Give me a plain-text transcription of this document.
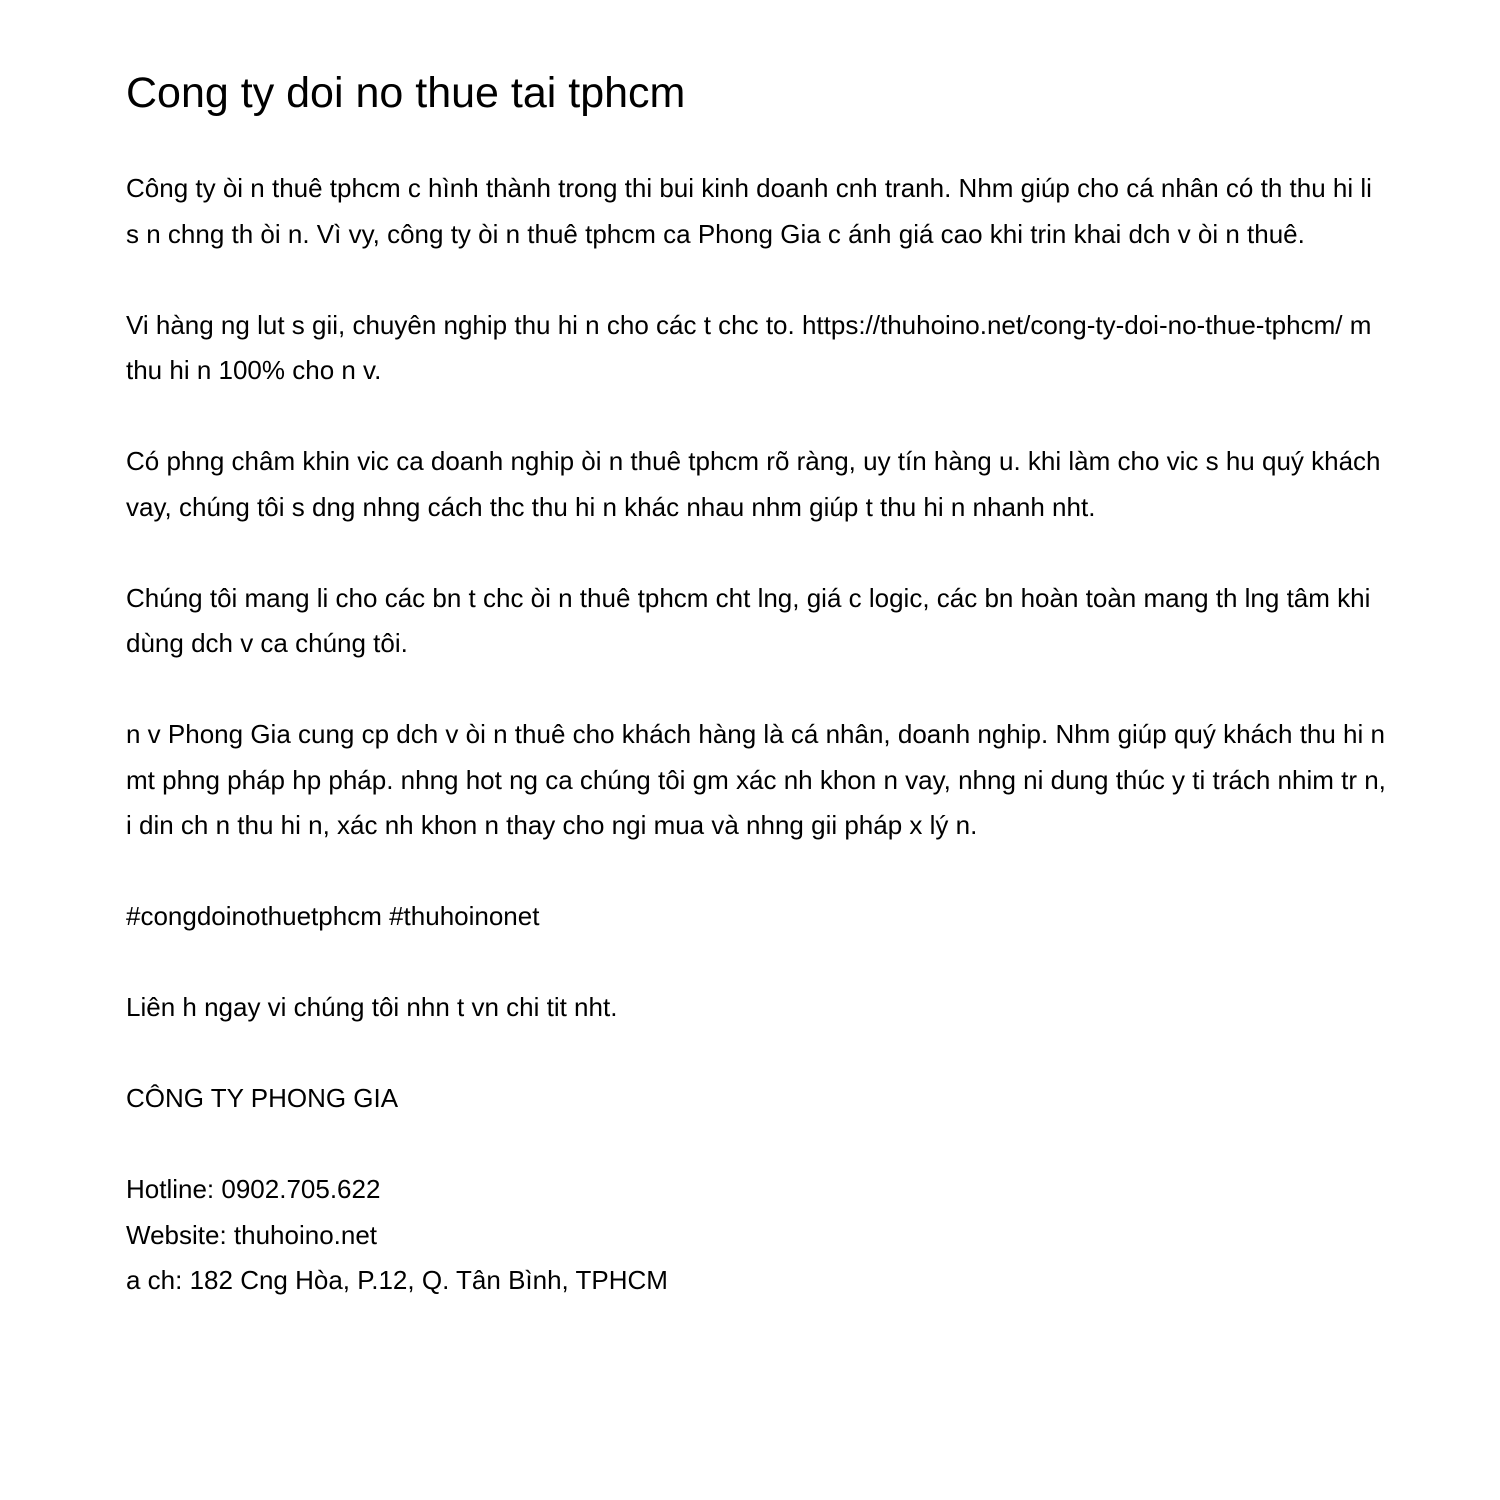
Cong ty doi no thue tai tphcm

Công ty òi n thuê tphcm c hình thành trong thi bui kinh doanh cnh tranh. Nhm giúp cho cá nhân có th thu hi li s n chng th òi n. Vì vy, công ty òi n thuê tphcm ca Phong Gia c ánh giá cao khi trin khai dch v òi n thuê.

Vi hàng ng lut s gii, chuyên nghip thu hi n cho các t chc to. https://thuhoino.net/cong-ty-doi-no-thue-tphcm/ m thu hi n 100% cho n v.

Có phng châm khin vic ca doanh nghip òi n thuê tphcm rõ ràng, uy tín hàng u. khi làm cho vic s hu quý khách vay, chúng tôi s dng nhng cách thc thu hi n khác nhau nhm giúp t thu hi n nhanh nht.

Chúng tôi mang li cho các bn t chc òi n thuê tphcm cht lng, giá c logic, các bn hoàn toàn mang th lng tâm khi dùng dch v ca chúng tôi.

n v Phong Gia cung cp dch v òi n thuê cho khách hàng là cá nhân, doanh nghip. Nhm giúp quý khách thu hi n mt phng pháp hp pháp. nhng hot ng ca chúng tôi gm xác nh khon n vay, nhng ni dung thúc y ti trách nhim tr n, i din ch n thu hi n, xác nh khon n thay cho ngi mua và nhng gii pháp x lý n.

#congdoinothuetphcm #thuhoinonet

Liên h ngay vi chúng tôi nhn t vn chi tit nht.

CÔNG TY PHONG GIA

Hotline: 0902.705.622
Website: thuhoino.net
a ch: 182 Cng Hòa, P.12, Q. Tân Bình, TPHCM
